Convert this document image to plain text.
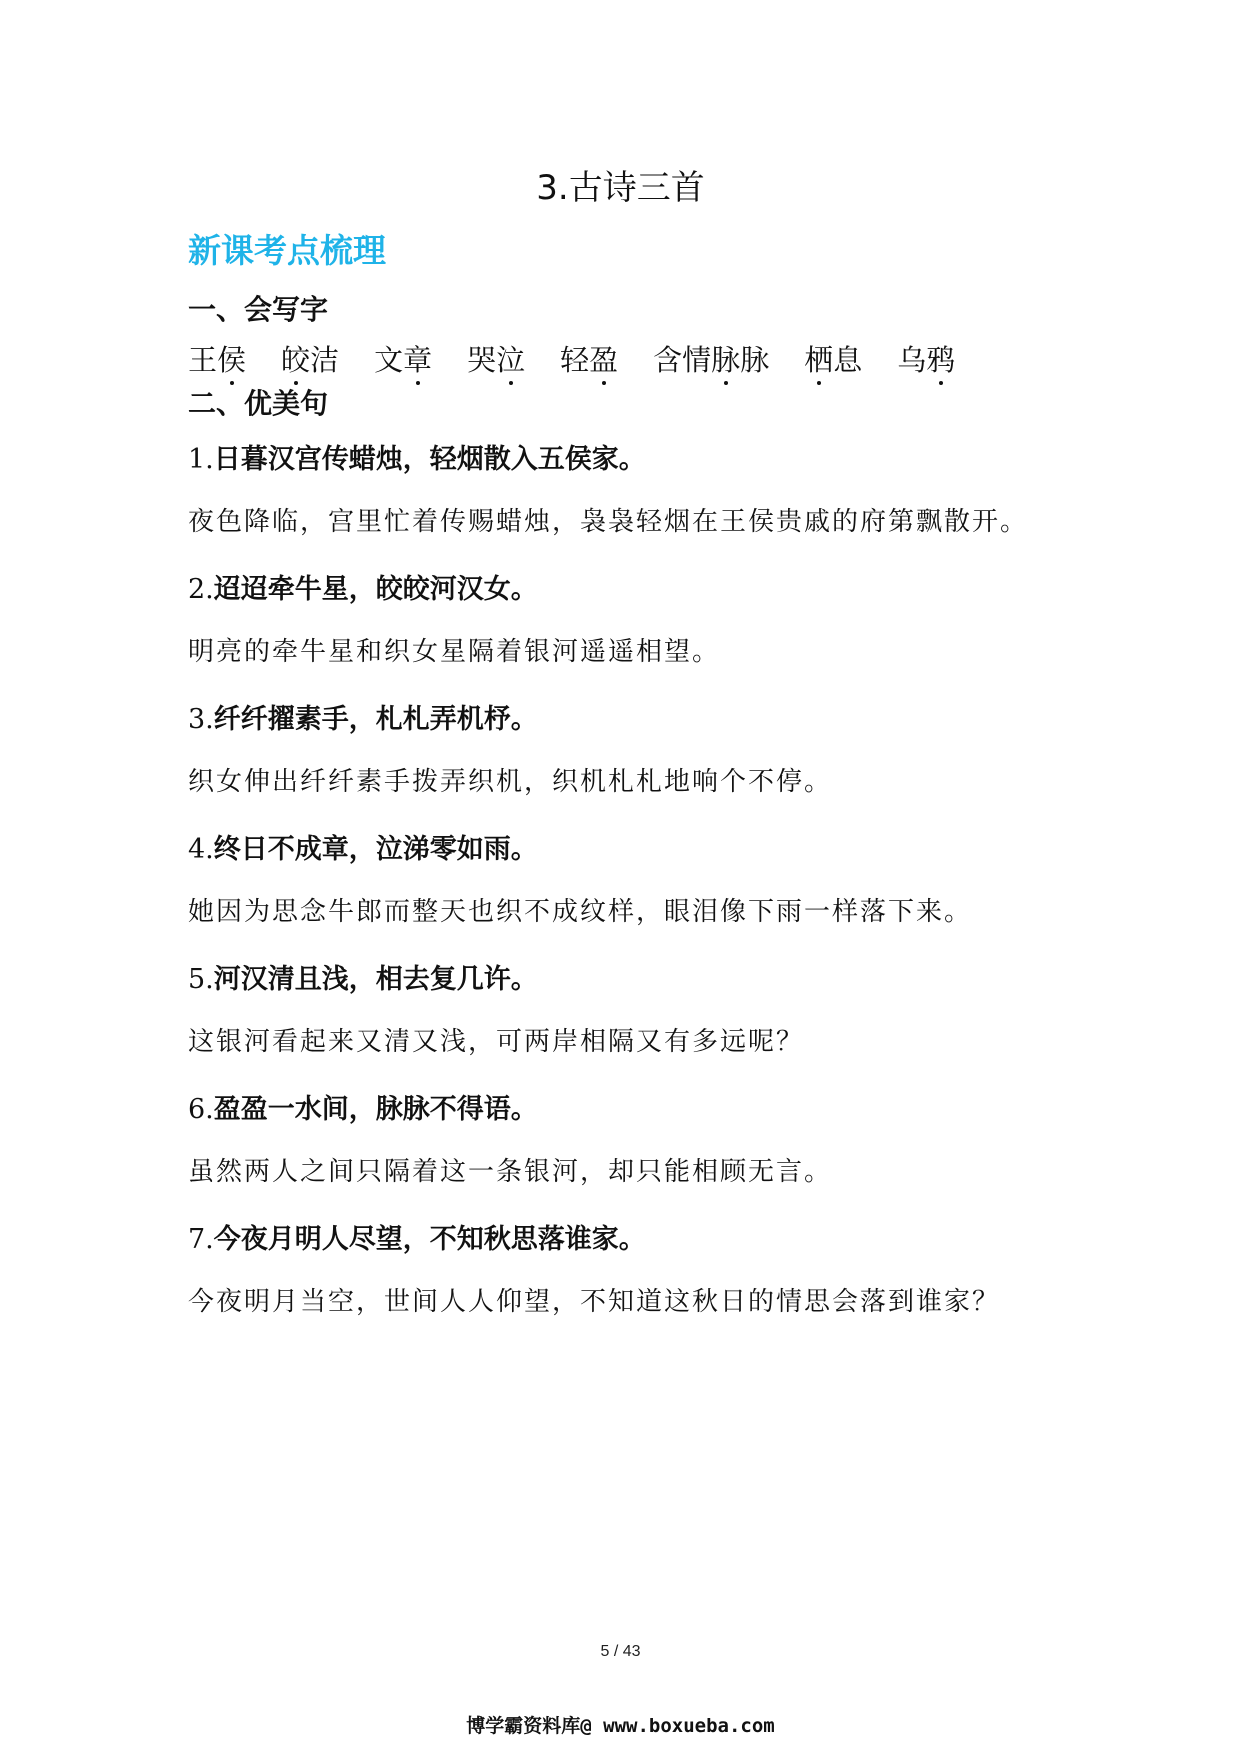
3.古诗三首
新课考点梳理
一、会写字
王侯 皎洁 文章 哭泣 轻盈 含情脉脉 栖息 乌鸦
二、优美句
1.日暮汉宫传蜡烛，轻烟散入五侯家。
夜色降临，宫里忙着传赐蜡烛，袅袅轻烟在王侯贵戚的府第飘散开。
2.迢迢牵牛星，皎皎河汉女。
明亮的牵牛星和织女星隔着银河遥遥相望。
3.纤纤擢素手，札札弄机杼。
织女伸出纤纤素手拨弄织机，织机札札地响个不停。
4.终日不成章，泣涕零如雨。
她因为思念牛郎而整天也织不成纹样，眼泪像下雨一样落下来。
5.河汉清且浅，相去复几许。
这银河看起来又清又浅，可两岸相隔又有多远呢？
6.盈盈一水间，脉脉不得语。
虽然两人之间只隔着这一条银河，却只能相顾无言。
7.今夜月明人尽望，不知秋思落谁家。
今夜明月当空，世间人人仰望，不知道这秋日的情思会落到谁家？
5 / 43
博学霸资料库@ www.boxueba.com
